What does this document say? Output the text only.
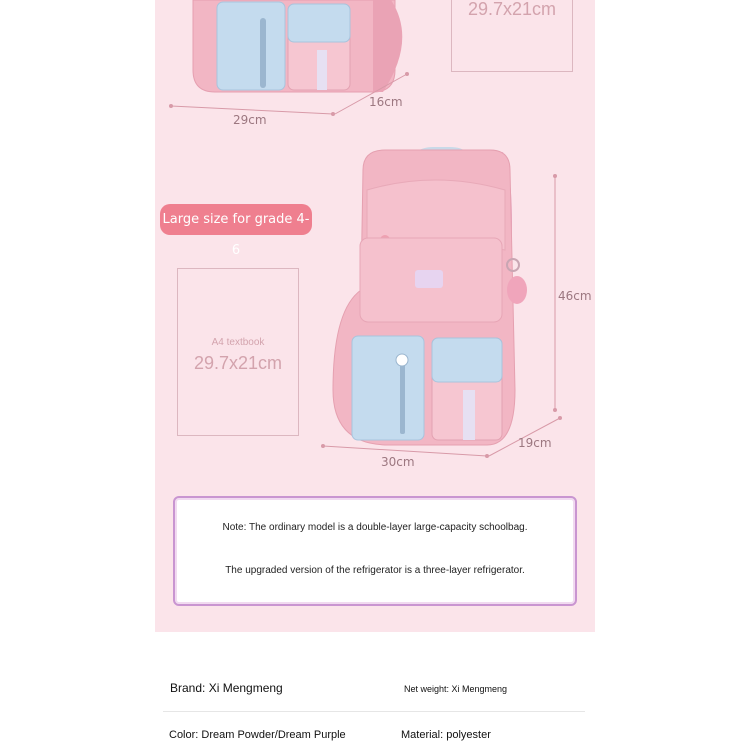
29.7x21cm
29cm
16cm
Large size for grade 4-6
A4 textbook
29.7x21cm
46cm
30cm
19cm
Note: The ordinary model is a double-layer large-capacity schoolbag.
The upgraded version of the refrigerator is a three-layer refrigerator.
Brand: Xi Mengmeng	Net weight: Xi Mengmeng
Color: Dream Powder/Dream Purple	Material: polyester
